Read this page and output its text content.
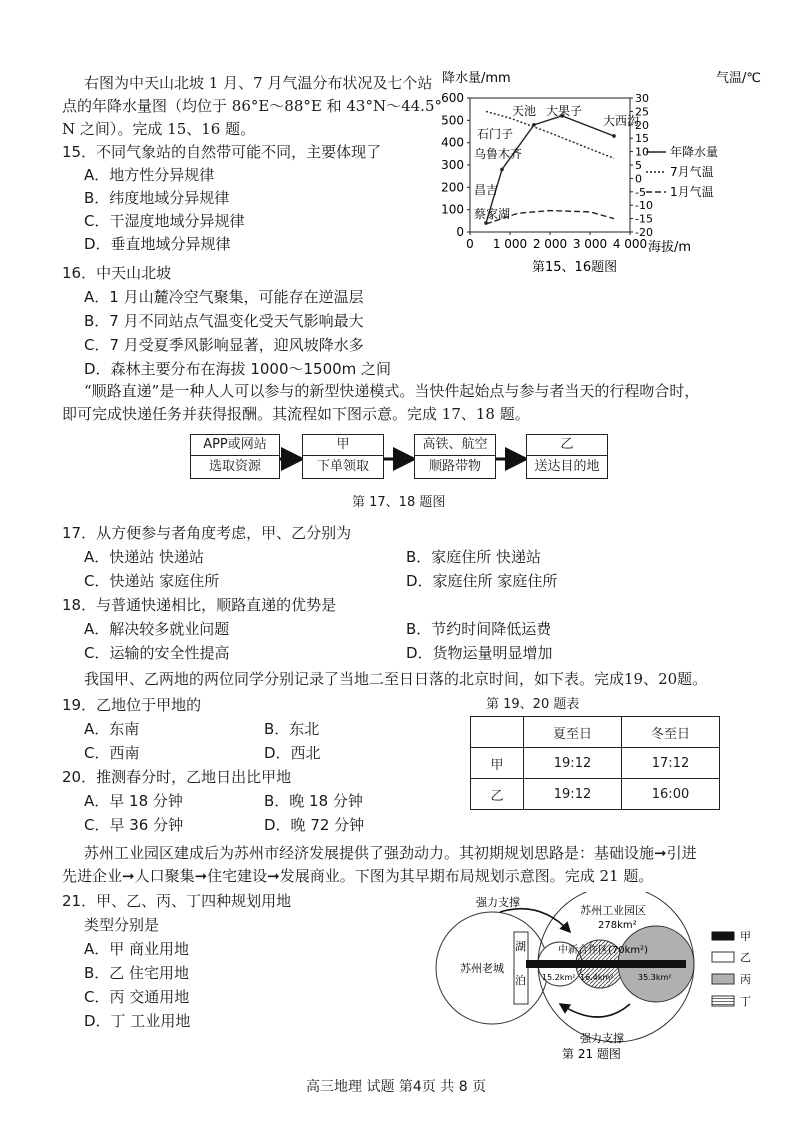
右图为中天山北坡 1 月、7 月气温分布状况及七个站
点的年降水量图（均位于 86°E～88°E 和 43°N～44.5°
N 之间）。完成 15、16 题。
15．不同气象站的自然带可能不同，主要体现了
A．地方性分异规律
B．纬度地域分异规律
C．干湿度地域分异规律
D．垂直地域分异规律
16．中天山北坡
A．1 月山麓冷空气聚集，可能存在逆温层
B．7 月不同站点气温变化受天气影响最大
C．7 月受夏季风影响显著，迎风坡降水多
D．森林主要分布在海拔 1000～1500m 之间
降水量/mm	气温/℃
0
100
200
300
400
500
600
-20
-15
-10
-5
0
5
10
15
20
25
30
0 1 000 2 000 3 000 4 000 海拔/m
天池 大果子
石门子
大西沟
乌鲁木齐
昌吉
蔡家湖
年降水量
7月气温
1月气温
第15、16题图
“顺路直递”是一种人人可以参与的新型快递模式。当快件起始点与参与者当天的行程吻合时，
即可完成快递任务并获得报酬。其流程如下图示意。完成 17、18 题。
APP或网站
选取资源
甲
下单领取
高铁、航空
顺路带物
乙
送达目的地
第 17、18 题图
17．从方便参与者角度考虑，甲、乙分别为
A．快递站 快递站	B．家庭住所 快递站
C．快递站 家庭住所	D．家庭住所 家庭住所
18．与普通快递相比，顺路直递的优势是
A．解决较多就业问题	B．节约时间降低运费
C．运输的安全性提高	D．货物运量明显增加
我国甲、乙两地的两位同学分别记录了当地二至日日落的北京时间，如下表。完成19、20题。
第 19、20 题表
	夏至日	冬至日
甲	19:12	17:12
乙	19:12	16:00
19．乙地位于甲地的
A．东南	B．东北
C．西南	D．西北
20．推测春分时，乙地日出比甲地
A．早 18 分钟	B．晚 18 分钟
C．早 36 分钟	D．晚 72 分钟
苏州工业园区建成后为苏州市经济发展提供了强劲动力。其初期规划思路是：基础设施➞引进
先进企业➞人口聚集➞住宅建设➞发展商业。下图为其早期布局规划示意图。完成 21 题。
21．甲、乙、丙、丁四种规划用地
类型分别是
A．甲 商业用地
B．乙 住宅用地
C．丙 交通用地
D．丁 工业用地
苏州老城
湖
泊
苏州工业园区
278km²
中新合作区(70km²)
15.2km² 16.4km²	35.3km²
强力支撑
强力支撑
甲
乙
丙
丁
第 21 题图
高三地理 试题 第4页 共 8 页
